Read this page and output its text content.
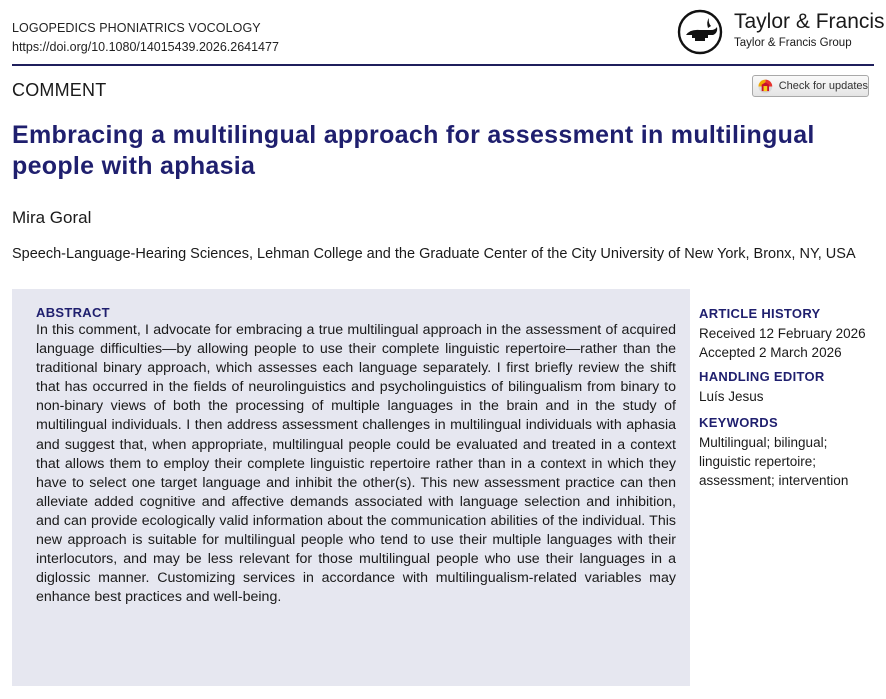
LOGOPEDICS PHONIATRICS VOCOLOGY
https://doi.org/10.1080/14015439.2026.2641477
Taylor & Francis
Taylor & Francis Group
COMMENT	Check for updates
Embracing a multilingual approach for assessment in multilingual people with aphasia
Mira Goral
Speech-Language-Hearing Sciences, Lehman College and the Graduate Center of the City University of New York, Bronx, NY, USA

ABSTRACT

In this comment, I advocate for embracing a true multilingual approach in the assessment of acquired language difficulties—by allowing people to use their complete linguistic repertoire—rather than the traditional binary approach, which assesses each language separately. I first briefly review the shift that has occurred in the fields of neurolinguistics and psycholinguistics of bilingualism from binary to non-binary views of both the processing of multiple languages in the brain and in the study of multilingual individuals. I then address assessment challenges in multilingual individuals with aphasia and suggest that, when appropriate, multilingual people could be evaluated and treated in a context that allows them to employ their complete linguistic repertoire rather than in a context in which they have to select one target language and inhibit the other(s). This new assessment practice can then alleviate added cognitive and affective demands associated with language selection and inhibition, and can provide ecologically valid information about the communication abilities of the individual. This new approach is suitable for multilingual people who tend to use their multiple languages with their interlocutors, and may be less relevant for those multilingual people who use their languages in a diglossic manner. Customizing services in accordance with multilingualism-related variables may enhance best practices and well-being.

ARTICLE HISTORY

Received 12 February 2026

Accepted 2 March 2026

HANDLING EDITOR

Luís Jesus

KEYWORDS

Multilingual; bilingual; linguistic repertoire; assessment; intervention
